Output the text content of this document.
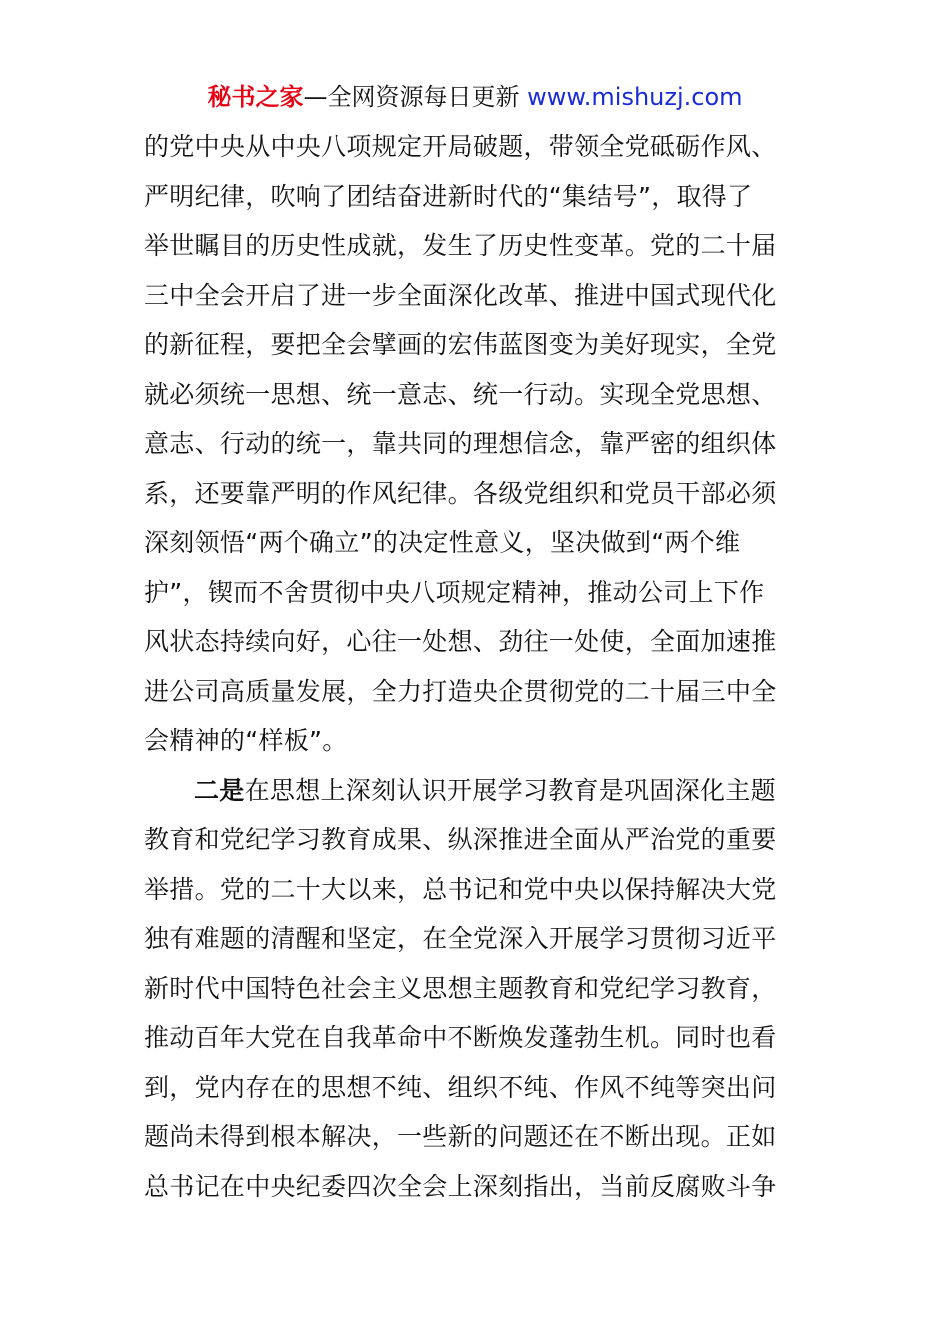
秘书之家—全网资源每日更新 www.mishuzj.com
的党中央从中央八项规定开局破题，带领全党砥砺作风、
严明纪律，吹响了团结奋进新时代的“集结号”，取得了
举世瞩目的历史性成就，发生了历史性变革。党的二十届
三中全会开启了进一步全面深化改革、推进中国式现代化
的新征程，要把全会擘画的宏伟蓝图变为美好现实，全党
就必须统一思想、统一意志、统一行动。实现全党思想、
意志、行动的统一，靠共同的理想信念，靠严密的组织体
系，还要靠严明的作风纪律。各级党组织和党员干部必须
深刻领悟“两个确立”的决定性意义，坚决做到“两个维
护”，锲而不舍贯彻中央八项规定精神，推动公司上下作
风状态持续向好，心往一处想、劲往一处使，全面加速推
进公司高质量发展，全力打造央企贯彻党的二十届三中全
会精神的“样板”。
二是在思想上深刻认识开展学习教育是巩固深化主题
教育和党纪学习教育成果、纵深推进全面从严治党的重要
举措。党的二十大以来，总书记和党中央以保持解决大党
独有难题的清醒和坚定，在全党深入开展学习贯彻习近平
新时代中国特色社会主义思想主题教育和党纪学习教育，
推动百年大党在自我革命中不断焕发蓬勃生机。同时也看
到，党内存在的思想不纯、组织不纯、作风不纯等突出问
题尚未得到根本解决，一些新的问题还在不断出现。正如
总书记在中央纪委四次全会上深刻指出，当前反腐败斗争
